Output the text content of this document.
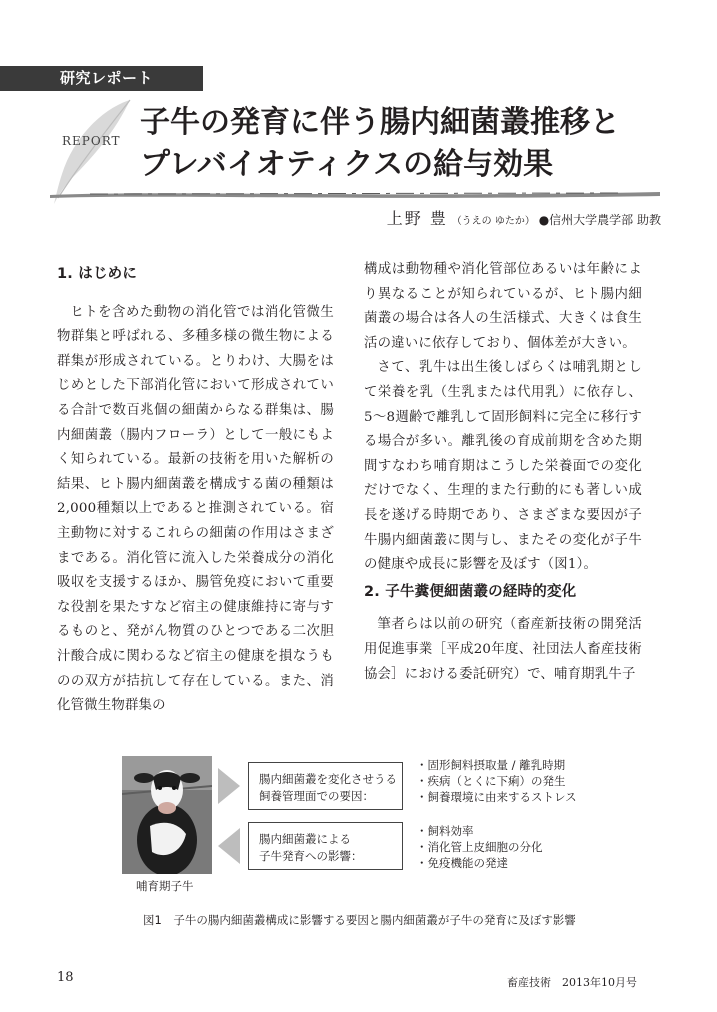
研究レポート
REPORT
子牛の発育に伴う腸内細菌叢推移と
プレバイオティクスの給与効果
上野 豊 （うえの ゆたか） ●信州大学農学部 助教
1. はじめに

ヒトを含めた動物の消化管では消化管微生物群集と呼ばれる、多種多様の微生物による群集が形成されている。とりわけ、大腸をはじめとした下部消化管において形成されている合計で数百兆個の細菌からなる群集は、腸内細菌叢（腸内フローラ）として一般にもよく知られている。最新の技術を用いた解析の結果、ヒト腸内細菌叢を構成する菌の種類は2,000種類以上であると推測されている。宿主動物に対するこれらの細菌の作用はさまざまである。消化管に流入した栄養成分の消化吸収を支援するほか、腸管免疫において重要な役割を果たすなど宿主の健康維持に寄与するものと、発がん物質のひとつである二次胆汁酸合成に関わるなど宿主の健康を損なうものの双方が拮抗して存在している。また、消化管微生物群集の

構成は動物種や消化管部位あるいは年齢により異なることが知られているが、ヒト腸内細菌叢の場合は各人の生活様式、大きくは食生活の違いに依存しており、個体差が大きい。

さて、乳牛は出生後しばらくは哺乳期として栄養を乳（生乳または代用乳）に依存し、5～8週齢で離乳して固形飼料に完全に移行する場合が多い。離乳後の育成前期を含めた期間すなわち哺育期はこうした栄養面での変化だけでなく、生理的また行動的にも著しい成長を遂げる時期であり、さまざまな要因が子牛腸内細菌叢に関与し、またその変化が子牛の健康や成長に影響を及ぼす（図1）。

2. 子牛糞便細菌叢の経時的変化

筆者らは以前の研究（畜産新技術の開発活用促進事業［平成20年度、社団法人畜産技術協会］における委託研究）で、哺育期乳牛子

哺育期子牛
腸内細菌叢を変化させうる
飼養管理面での要因：
腸内細菌叢による
子牛発育への影響：
・固形飼料摂取量 / 離乳時期
・疾病（とくに下痢）の発生
・飼養環境に由来するストレス
・飼料効率
・消化管上皮細胞の分化
・免疫機能の発達
図1　子牛の腸内細菌叢構成に影響する要因と腸内細菌叢が子牛の発育に及ぼす影響
18	畜産技術　2013年10月号
